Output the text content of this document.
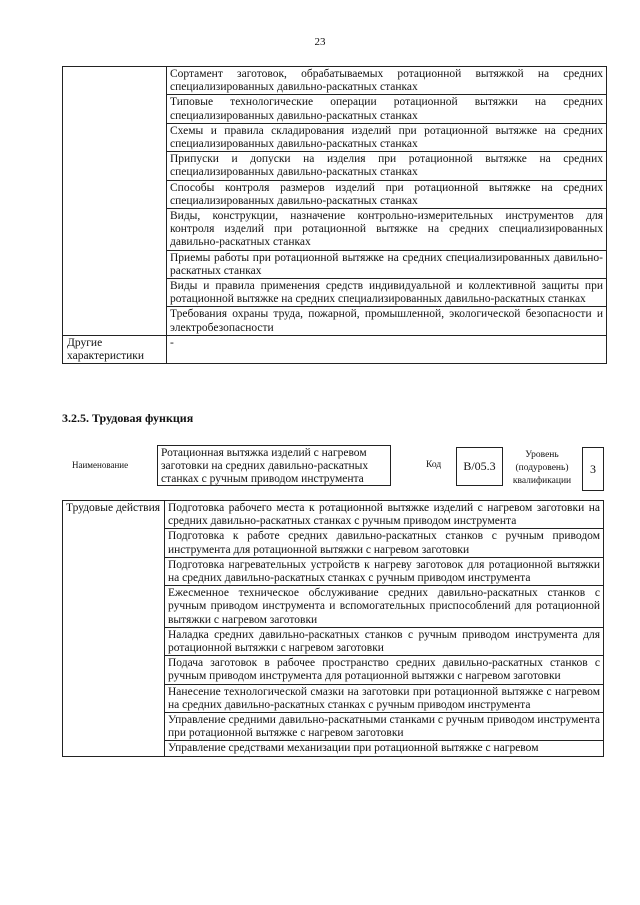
23
	Сортамент заготовок, обрабатываемых ротационной вытяжкой на средних специализированных давильно-раскатных станках
	Типовые технологические операции ротационной вытяжки на средних специализированных давильно-раскатных станках
	Схемы и правила складирования изделий при ротационной вытяжке на средних специализированных давильно-раскатных станках
	Припуски и допуски на изделия при ротационной вытяжке на средних специализированных давильно-раскатных станках
	Способы контроля размеров изделий при ротационной вытяжке на средних специализированных давильно-раскатных станках
	Виды, конструкции, назначение контрольно-измерительных инструментов для контроля изделий при ротационной вытяжке на средних специализированных давильно-раскатных станках
	Приемы работы при ротационной вытяжке на средних специализированных давильно-раскатных станках
	Виды и правила применения средств индивидуальной и коллективной защиты при ротационной вытяжке на средних специализированных давильно-раскатных станках
	Требования охраны труда, пожарной, промышленной, экологической безопасности и электробезопасности
Другие характеристики	-
3.2.5. Трудовая функция
Наименование
Ротационная вытяжка изделий с нагревом заготовки на средних давильно-раскатных станках с ручным приводом инструмента
Код	В/05.3
Уровень (подуровень) квалификации
3
Трудовые действия	Подготовка рабочего места к ротационной вытяжке изделий с нагревом заготовки на средних давильно-раскатных станках с ручным приводом инструмента
Подготовка к работе средних давильно-раскатных станков с ручным приводом инструмента для ротационной вытяжки с нагревом заготовки
Подготовка нагревательных устройств к нагреву заготовок для ротационной вытяжки на средних давильно-раскатных станках с ручным приводом инструмента
Ежесменное техническое обслуживание средних давильно-раскатных станков с ручным приводом инструмента и вспомогательных приспособлений для ротационной вытяжки с нагревом заготовки
Наладка средних давильно-раскатных станков с ручным приводом инструмента для ротационной вытяжки с нагревом заготовки
Подача заготовок в рабочее пространство средних давильно-раскатных станков с ручным приводом инструмента для ротационной вытяжки с нагревом заготовки
Нанесение технологической смазки на заготовки при ротационной вытяжке с нагревом на средних давильно-раскатных станках с ручным приводом инструмента
Управление средними давильно-раскатными станками с ручным приводом инструмента при ротационной вытяжке с нагревом заготовки
Управление средствами механизации при ротационной вытяжке с нагревом
